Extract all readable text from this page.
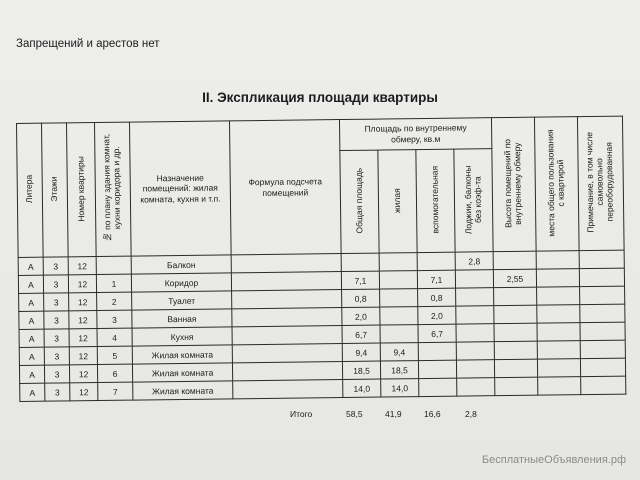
Запрещений и арестов нет
II. Экспликация площади квартиры
Литера	Этажи	Номер квартиры	№ по плану здания комнат,
кухни коридора и др.	Назначение
помещений: жилая
комната, кухня и т.п.	Формула подсчета
помещений	Площадь по внутреннему
обмеру, кв.м				Высота помещений по
внутреннему обмеру	места общего пользования
с квартирой	Примечание, в том числе
самовольно
переоборудованная
						Общая площадь	жилая	вспомогательная	Лоджии, балконы
без коэф-та			
А	3	12		Балкон					2,8			
А	3	12	1	Коридор		7,1		7,1		2,55		
А	3	12	2	Туалет		0,8		0,8				
А	3	12	3	Ванная		2,0		2,0				
А	3	12	4	Кухня		6,7		6,7				
А	3	12	5	Жилая комната		9,4	9,4					
А	3	12	6	Жилая комната		18,5	18,5					
А	3	12	7	Жилая комната		14,0	14,0					
Итого	58,5	41,9	16,6	2,8
БесплатныеОбъявления.рф
